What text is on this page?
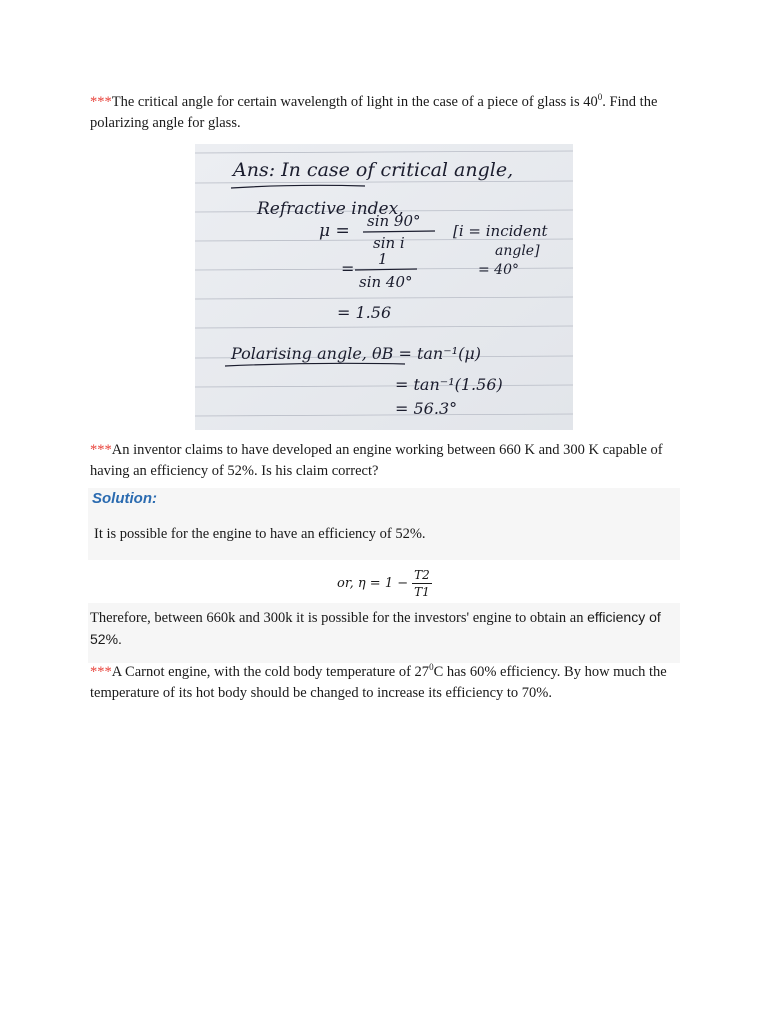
***The critical angle for certain wavelength of light in the case of a piece of glass is $40^0$. Find the polarizing angle for glass.

Ans: In case of critical angle,
Refractive index,
μ = sin 90°
sin i
[i = incident
angle]
= 40°
= 1
sin 40°
= 1.56
Polarising angle, θB = tan⁻¹(μ)
= tan⁻¹(1.56)
= 56.3°

***An inventor claims to have developed an engine working between 660 K and 300 K capable of having an efficiency of 52%. Is his claim correct?

Solution:
It is possible for the engine to have an efficiency of 52%.
or, $\eta = 1 - \frac{T2}{T1}$

Therefore, between 660k and 300k it is possible for the investors' engine to obtain an efficiency of 52%.

***A Carnot engine, with the cold body temperature of $27^0C$ has 60% efficiency. By how much the temperature of its hot body should be changed to increase its efficiency to 70%.
